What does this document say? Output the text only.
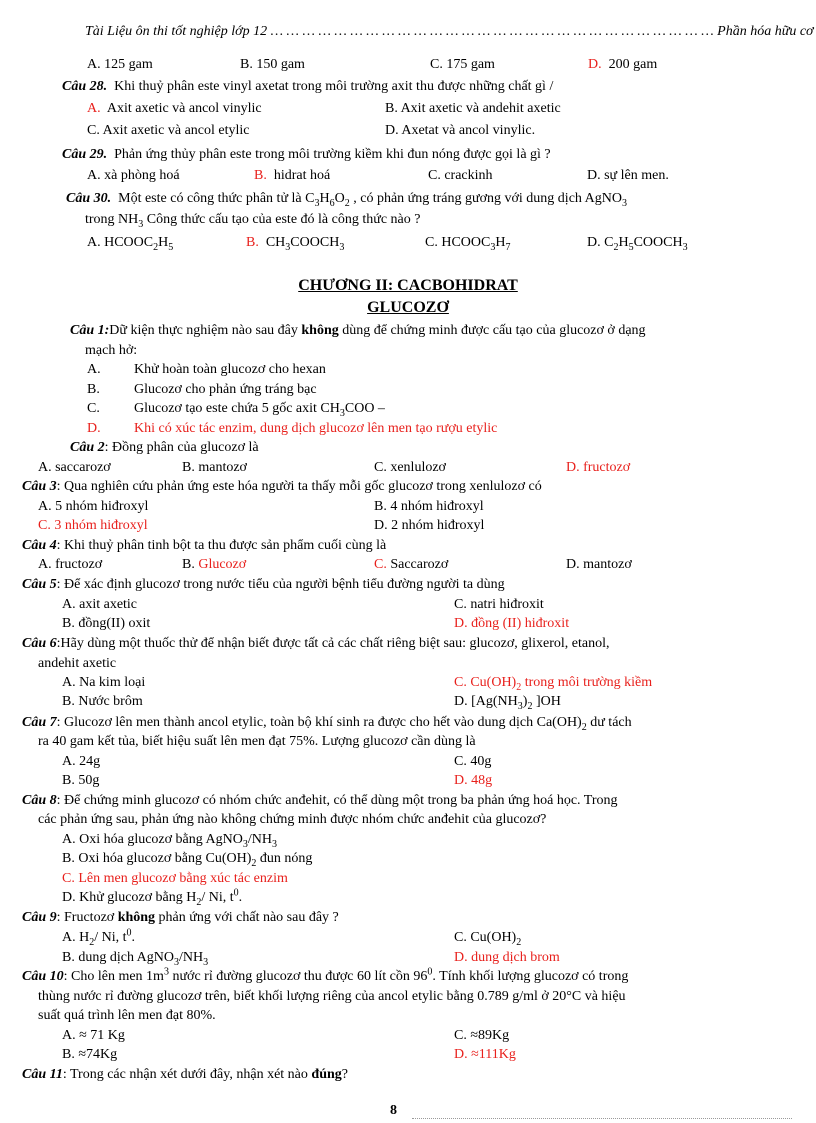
Tài Liệu ôn thi tốt nghiệp lớp 12 … … … … … … … … … … … … … … … … … … … … … … … … … … … … Phần hóa hữu cơ
A. 125 gam	B. 150 gam	C. 175 gam	D. 200 gam
Câu 28. Khi thuỷ phân este vinyl axetat trong môi trường axit thu được những chất gì /
A. Axit axetic và ancol vinylic	B. Axit axetic và andehit axetic
C. Axit axetic và ancol etylic	D. Axetat và ancol vinylic.
Câu 29. Phản ứng thủy phân este trong môi trường kiềm khi đun nóng được gọi là gì ?
A. xà phòng hoá	B. hidrat hoá	C. crackinh	D. sự lên men.
Câu 30. Một este có công thức phân tử là $C_3H_6O_2$ , có phản ứng tráng gương với dung dịch AgNO$_3$
trong $NH_3$ Công thức cấu tạo của este đó là công thức nào ?
A. $HCOOC_2H_5$	B. $CH_3COOCH_3$	C. $HCOOC_3H_7$	D. $C_2H_5COOCH_3$
CHƯƠNG II: CACBOHIDRAT
GLUCOZƠ
Câu 1:Dữ kiện thực nghiệm nào sau đây không dùng để chứng minh được cấu tạo của glucozơ ở dạng
mạch hở:
A. Khử hoàn toàn glucozơ cho hexan
B. Glucozơ cho phản ứng tráng bạc
C. Glucozơ tạo este chứa 5 gốc axit $CH_3COO$ –
D. Khi có xúc tác enzim, dung dịch glucozơ lên men tạo rượu etylic
Câu 2: Đồng phân của glucozơ là
A. saccarozơ	B. mantozơ	C. xenlulozơ	D. fructozơ
Câu 3: Qua nghiên cứu phản ứng este hóa người ta thấy mỗi gốc glucozơ trong xenlulozơ có
A. 5 nhóm hiđroxyl	B. 4 nhóm hiđroxyl
C. 3 nhóm hiđroxyl	D. 2 nhóm hiđroxyl
Câu 4: Khi thuỷ phân tinh bột ta thu được sản phẩm cuối cùng là
A. fructozơ	B. Glucozơ	C. Saccarozơ	D. mantozơ
Câu 5: Để xác định glucozơ trong nước tiểu của người bệnh tiểu đường người ta dùng
A. axit axetic	C. natri hiđroxit
B. đồng(II) oxit	D. đồng (II) hiđroxit
Câu 6:Hãy dùng một thuốc thử để nhận biết được tất cả các chất riêng biệt sau: glucozơ, glixerol, etanol,
andehit axetic
A. Na kim loại	C. $Cu(OH)_2$ trong môi trường kiềm
B. Nước brôm	D. [$Ag(NH_3)_2$ ]OH
Câu 7: Glucozơ lên men thành ancol etylic, toàn bộ khí sinh ra được cho hết vào dung dịch $Ca(OH)_2$ dư tách
ra 40 gam kết tủa, biết hiệu suất lên men đạt 75%. Lượng glucozơ cần dùng là
A. 24g	C. 40g
B. 50g	D. 48g
Câu 8: Để chứng minh glucozơ có nhóm chức anđehit, có thể dùng một trong ba phản ứng hoá học. Trong
các phản ứng sau, phản ứng nào không chứng minh được nhóm chức anđehit của glucozơ?
A. Oxi hóa glucozơ bằng $AgNO_3/NH_3$
B. Oxi hóa glucozơ bằng $Cu(OH)_2$ đun nóng
C. Lên men glucozơ bằng xúc tác enzim
D. Khử glucozơ bằng $H_2/$ Ni, $t^0$.
Câu 9: Fructozơ không phản ứng với chất nào sau đây ?
A. $H_2/$ Ni, $t^0$.	C. $Cu(OH)_2$
B. dung dịch $AgNO_3/NH_3$	D. dung dịch brom
Câu 10: Cho lên men $1m^3$ nước rỉ đường glucozơ thu được 60 lít cồn $96^0$. Tính khối lượng glucozơ có trong
thùng nước rỉ đường glucozơ trên, biết khối lượng riêng của ancol etylic bằng 0.789 g/ml ở 20°C và hiệu
suất quá trình lên men đạt 80%.
A. ≈ 71 Kg	C. ≈89Kg
B. ≈74Kg	D. ≈111Kg
Câu 11: Trong các nhận xét dưới đây, nhận xét nào đúng?
8
